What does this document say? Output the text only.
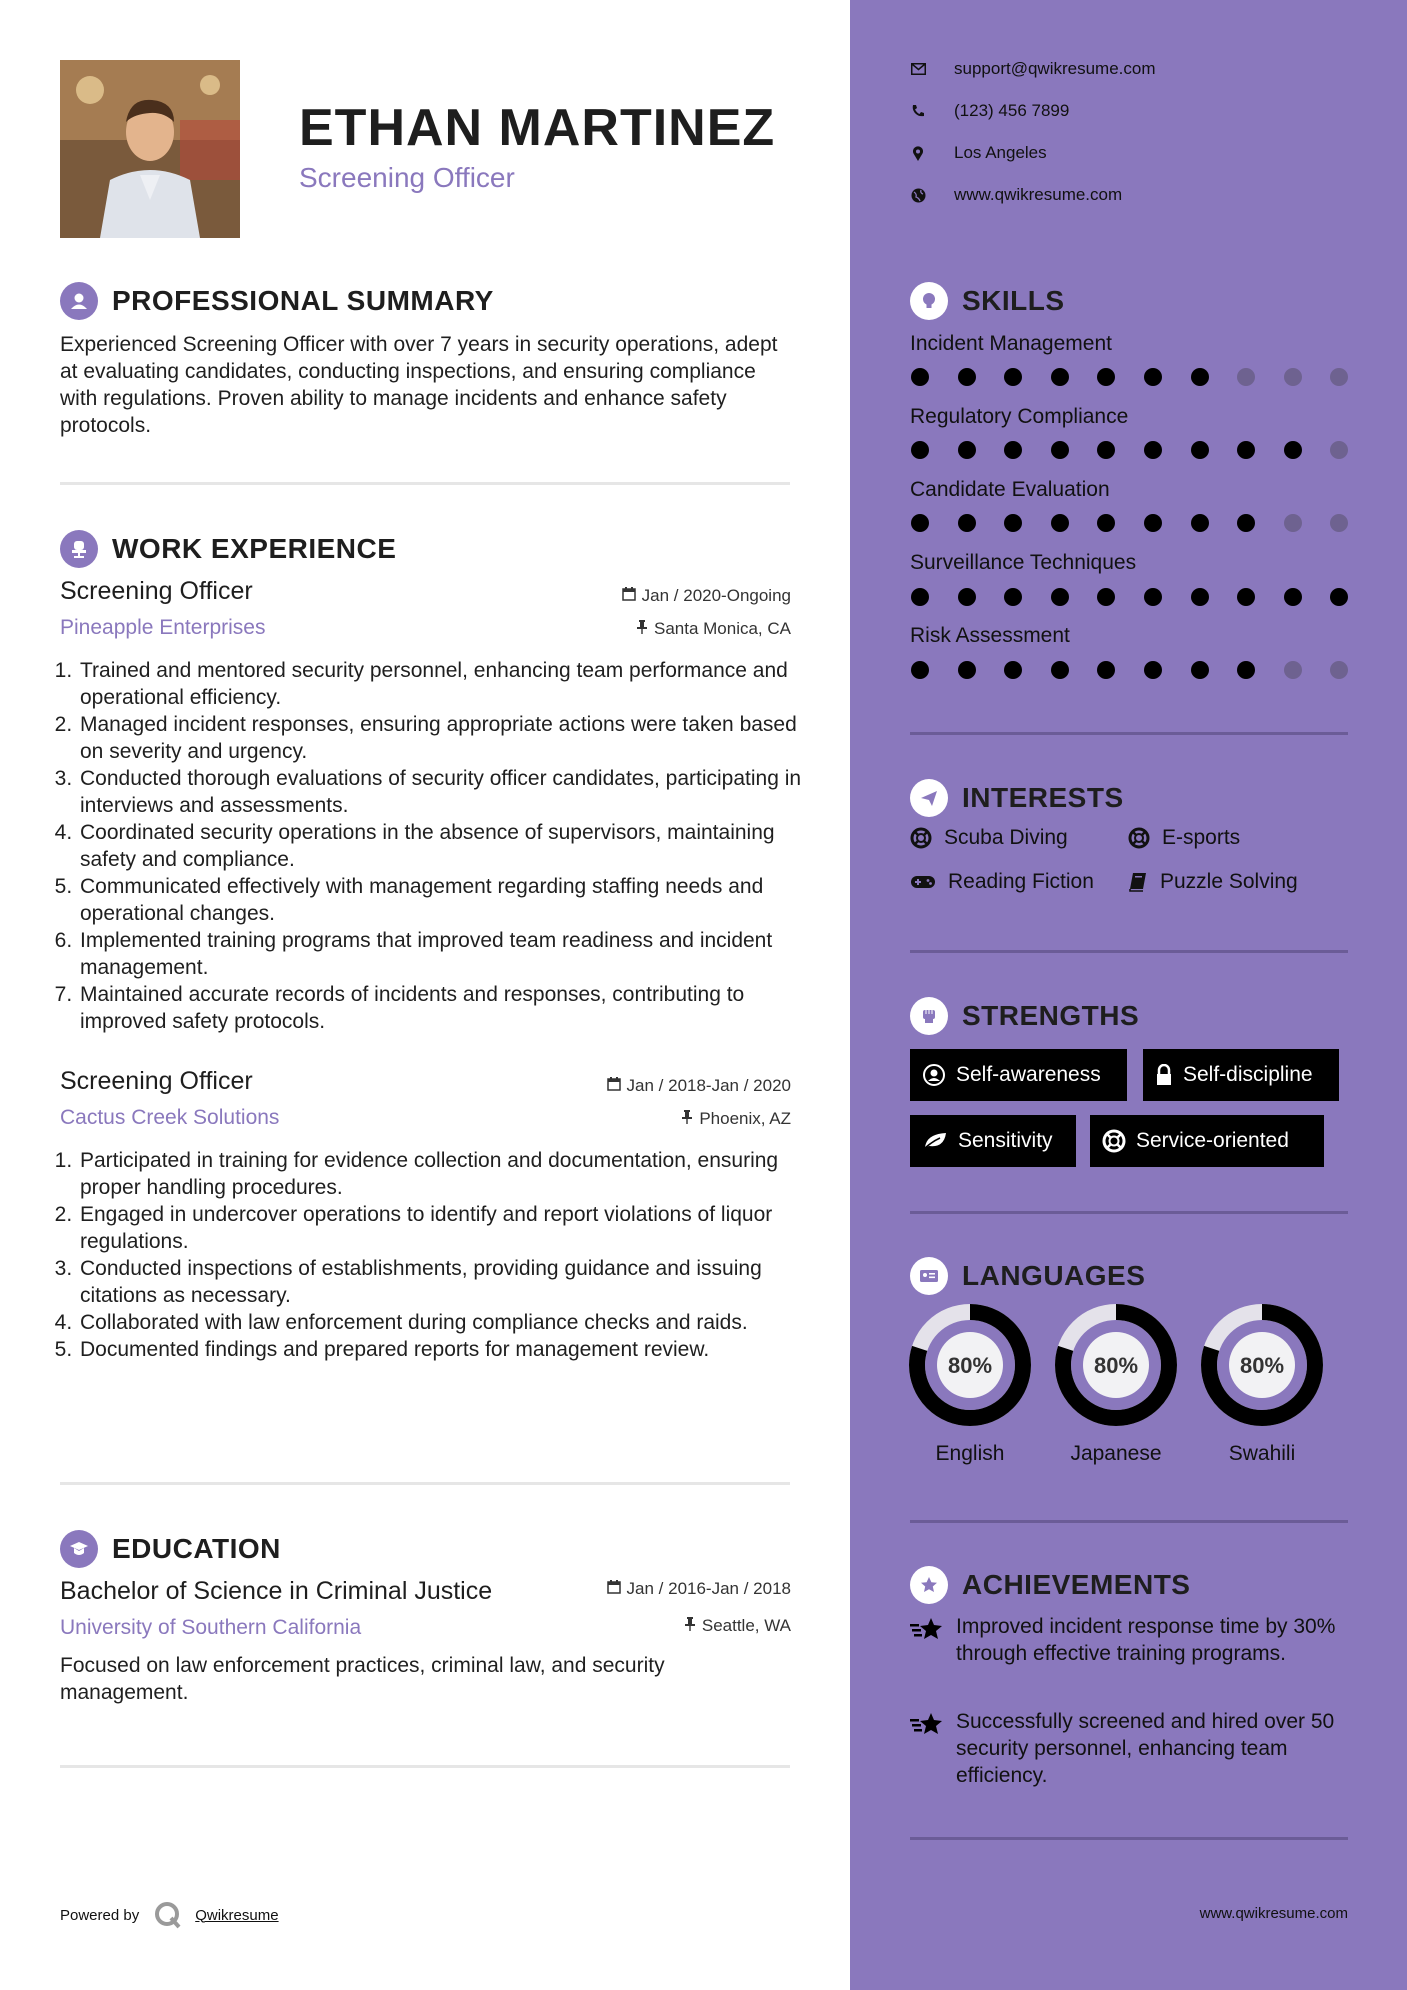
ETHAN MARTINEZ
Screening Officer
PROFESSIONAL SUMMARY
Experienced Screening Officer with over 7 years in security operations, adept at evaluating candidates, conducting inspections, and ensuring compliance with regulations. Proven ability to manage incidents and enhance safety protocols.
WORK EXPERIENCE
Screening Officer	Jan / 2020-Ongoing
Pineapple Enterprises	Santa Monica, CA
1. Trained and mentored security personnel, enhancing team performance and operational efficiency.
2. Managed incident responses, ensuring appropriate actions were taken based on severity and urgency.
3. Conducted thorough evaluations of security officer candidates, participating in interviews and assessments.
4. Coordinated security operations in the absence of supervisors, maintaining safety and compliance.
5. Communicated effectively with management regarding staffing needs and operational changes.
6. Implemented training programs that improved team readiness and incident management.
7. Maintained accurate records of incidents and responses, contributing to improved safety protocols.
Screening Officer	Jan / 2018-Jan / 2020
Cactus Creek Solutions	Phoenix, AZ
1. Participated in training for evidence collection and documentation, ensuring proper handling procedures.
2. Engaged in undercover operations to identify and report violations of liquor regulations.
3. Conducted inspections of establishments, providing guidance and issuing citations as necessary.
4. Collaborated with law enforcement during compliance checks and raids.
5. Documented findings and prepared reports for management review.
EDUCATION
Bachelor of Science in Criminal Justice	Jan / 2016-Jan / 2018
University of Southern California	Seattle, WA
Focused on law enforcement practices, criminal law, and security management.
Powered by	Qwikresume
support@qwikresume.com
(123) 456 7899
Los Angeles
www.qwikresume.com
SKILLS
Incident Management
Regulatory Compliance
Candidate Evaluation
Surveillance Techniques
Risk Assessment
INTERESTS
Scuba Diving	E-sports
Reading Fiction	Puzzle Solving
STRENGTHS
Self-awareness	Self-discipline
Sensitivity	Service-oriented
LANGUAGES
80%
English
80%
Japanese
80%
Swahili
ACHIEVEMENTS
Improved incident response time by 30% through effective training programs.
Successfully screened and hired over 50 security personnel, enhancing team efficiency.
www.qwikresume.com
